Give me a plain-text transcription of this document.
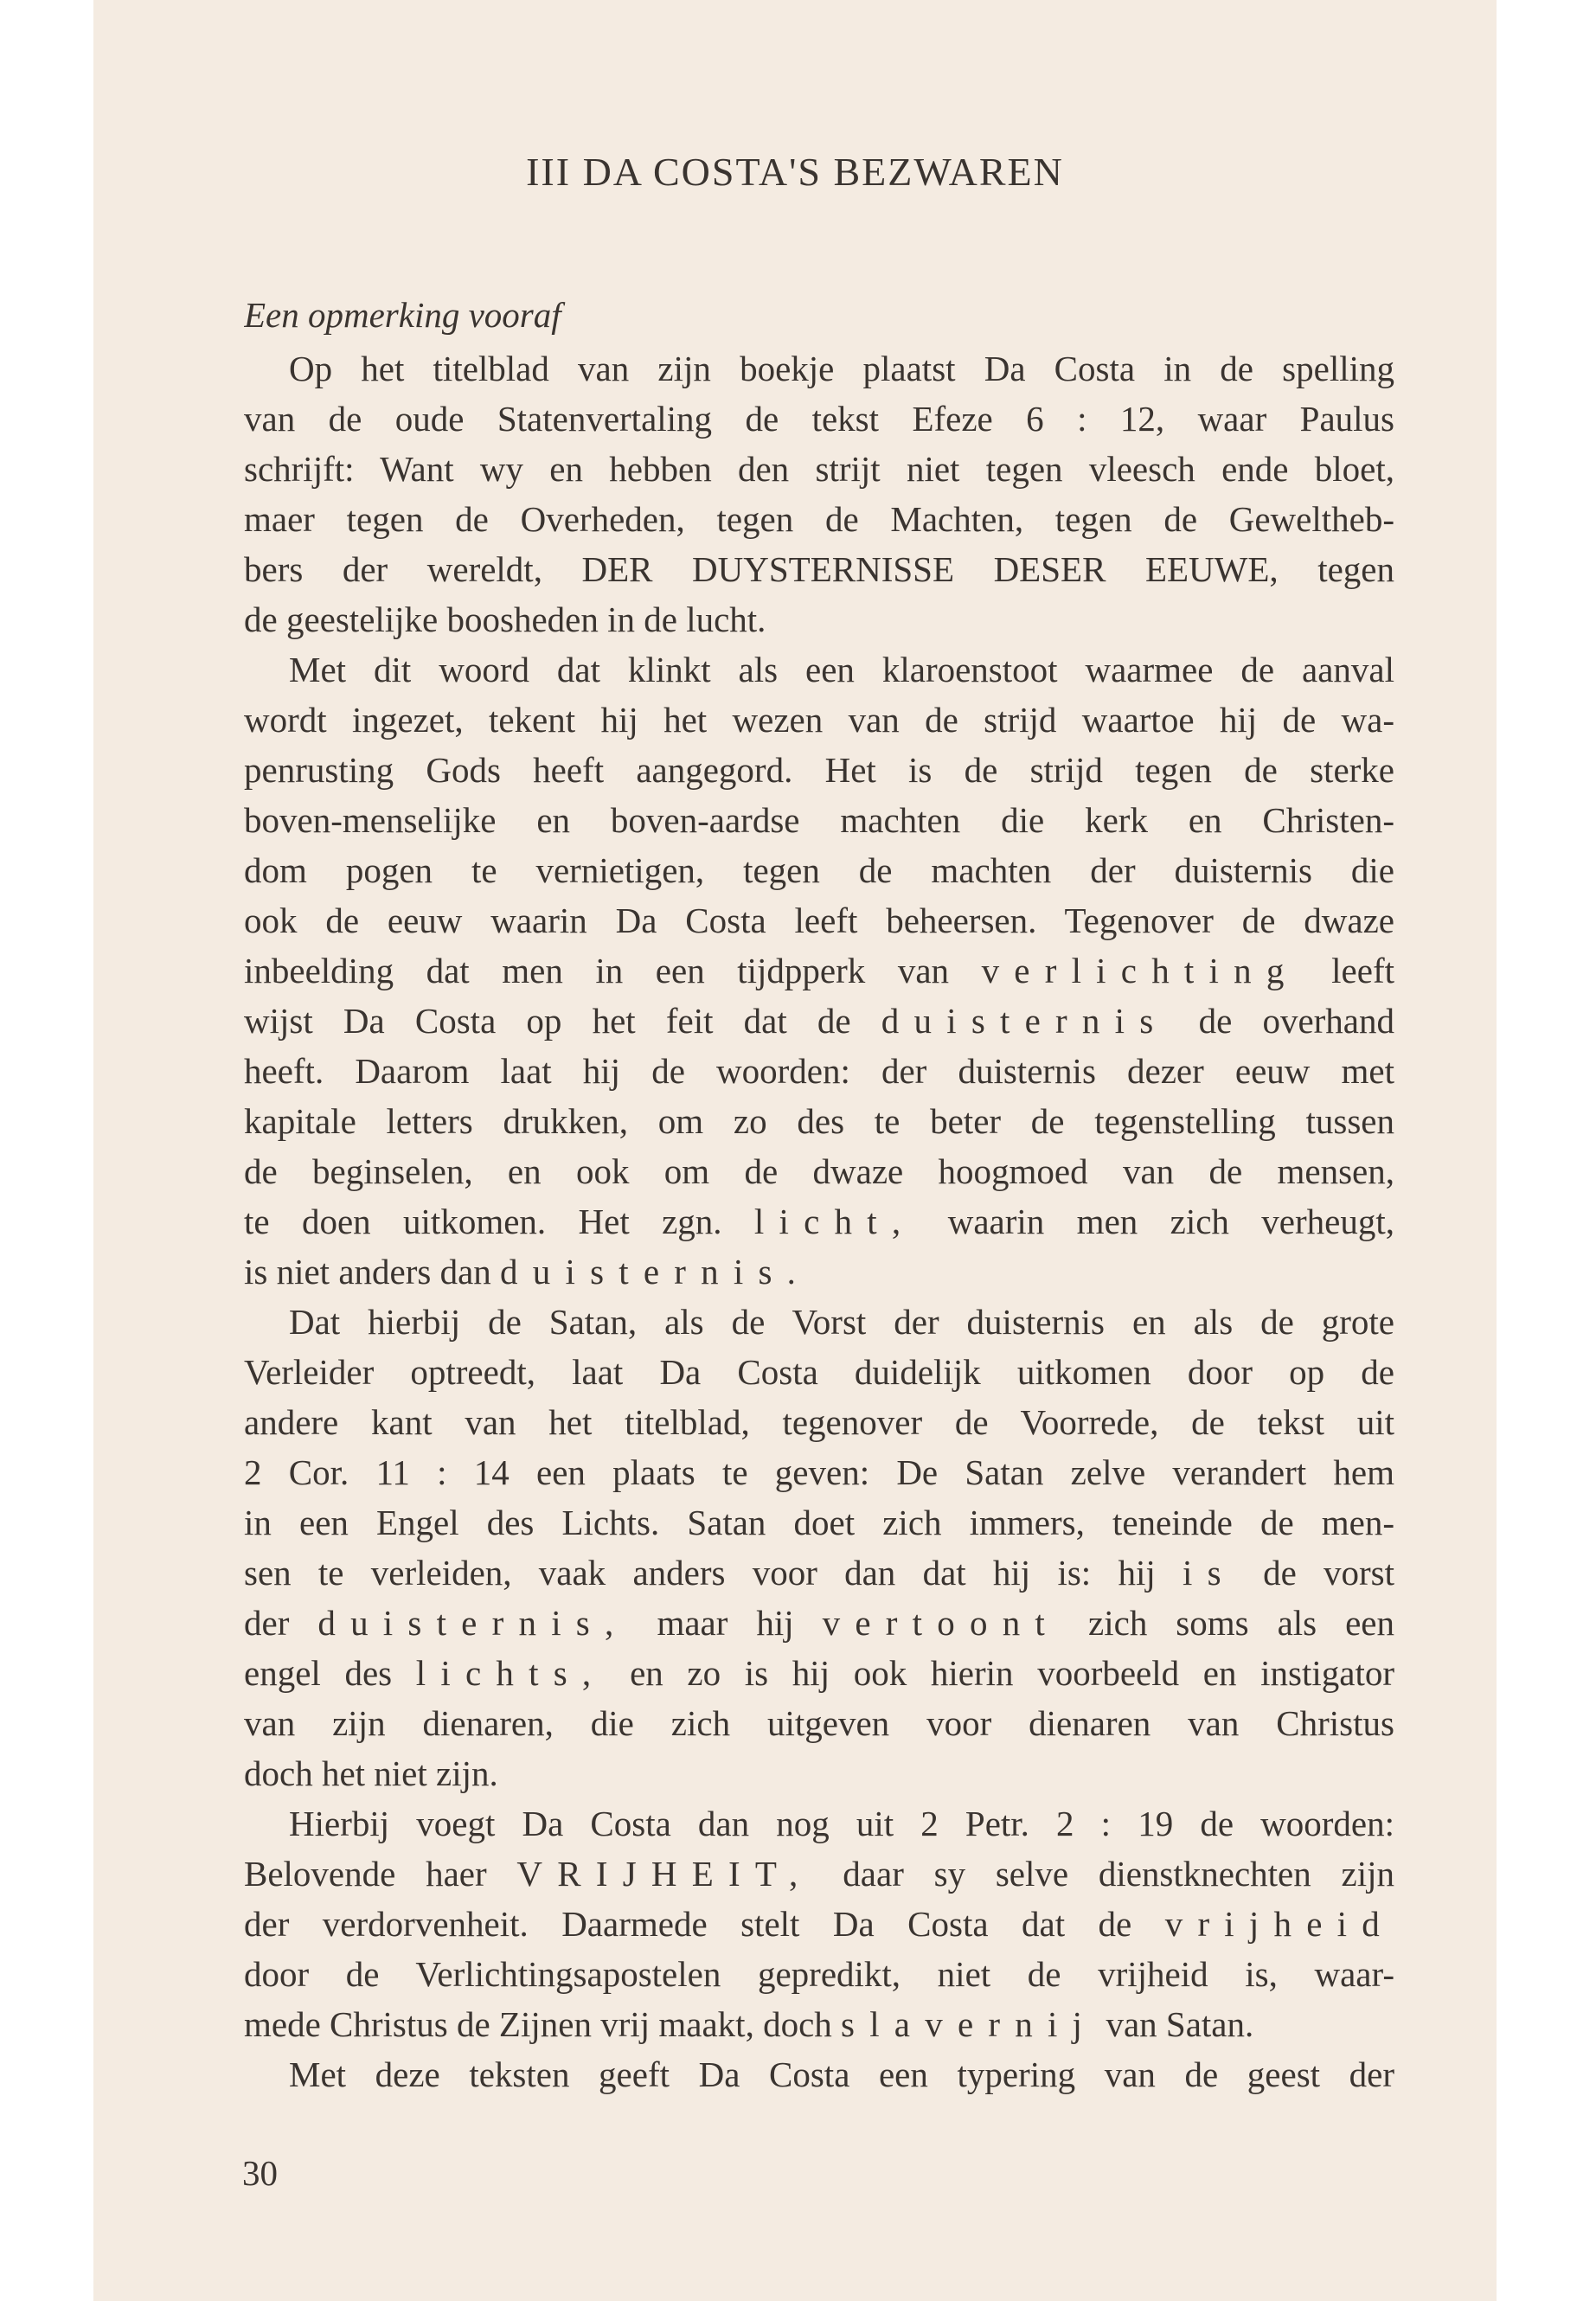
III DA COSTA'S BEZWAREN
Een opmerking vooraf
Op het titelblad van zijn boekje plaatst Da Costa in de spelling
van de oude Statenvertaling de tekst Efeze 6 : 12, waar Paulus
schrijft: Want wy en hebben den strijt niet tegen vleesch ende bloet,
maer tegen de Overheden, tegen de Machten, tegen de Geweltheb-
bers der wereldt, DER DUYSTERNISSE DESER EEUWE, tegen
de geestelijke boosheden in de lucht.
Met dit woord dat klinkt als een klaroenstoot waarmee de aanval
wordt ingezet, tekent hij het wezen van de strijd waartoe hij de wa-
penrusting Gods heeft aangegord. Het is de strijd tegen de sterke
boven-menselijke en boven-aardse machten die kerk en Christen-
dom pogen te vernietigen, tegen de machten der duisternis die
ook de eeuw waarin Da Costa leeft beheersen. Tegenover de dwaze
inbeelding dat men in een tijdpperk van verlichting leeft
wijst Da Costa op het feit dat de duisternis de overhand
heeft. Daarom laat hij de woorden: der duisternis dezer eeuw met
kapitale letters drukken, om zo des te beter de tegenstelling tussen
de beginselen, en ook om de dwaze hoogmoed van de mensen,
te doen uitkomen. Het zgn. licht, waarin men zich verheugt,
is niet anders dan duisternis.
Dat hierbij de Satan, als de Vorst der duisternis en als de grote
Verleider optreedt, laat Da Costa duidelijk uitkomen door op de
andere kant van het titelblad, tegenover de Voorrede, de tekst uit
2 Cor. 11 : 14 een plaats te geven: De Satan zelve verandert hem
in een Engel des Lichts. Satan doet zich immers, teneinde de men-
sen te verleiden, vaak anders voor dan dat hij is: hij is de vorst
der duisternis, maar hij vertoont zich soms als een
engel des lichts, en zo is hij ook hierin voorbeeld en instigator
van zijn dienaren, die zich uitgeven voor dienaren van Christus
doch het niet zijn.
Hierbij voegt Da Costa dan nog uit 2 Petr. 2 : 19 de woorden:
Belovende haer VRIJHEIT, daar sy selve dienstknechten zijn
der verdorvenheit. Daarmede stelt Da Costa dat de vrijheid
door de Verlichtingsapostelen gepredikt, niet de vrijheid is, waar-
mede Christus de Zijnen vrij maakt, doch slavernij van Satan.
Met deze teksten geeft Da Costa een typering van de geest der
30
